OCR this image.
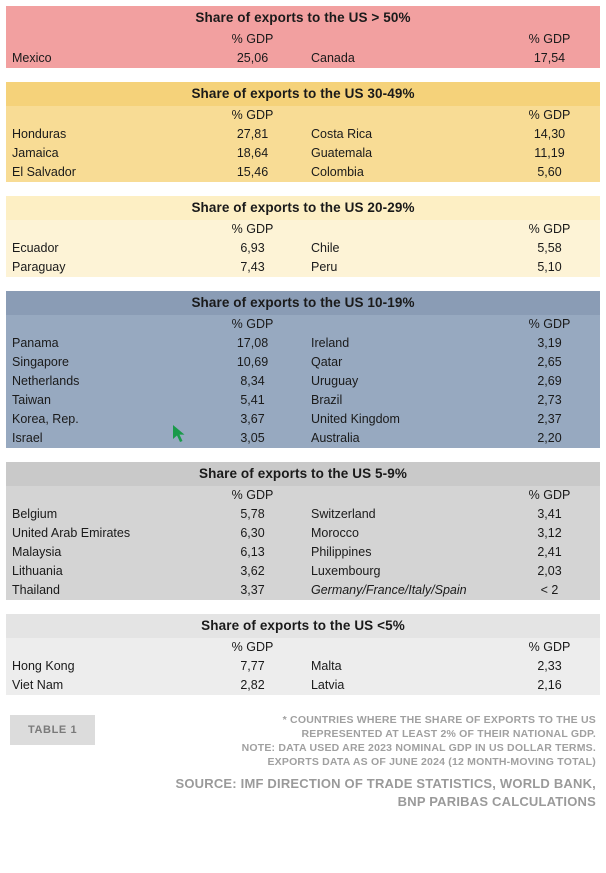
Share of exports to the US > 50%
% GDP	% GDP
Mexico	25,06	Canada	17,54
Share of exports to the US 30-49%
% GDP	% GDP
Honduras	27,81	Costa Rica	14,30
Jamaica	18,64	Guatemala	11,19
El Salvador	15,46	Colombia	5,60
Share of exports to the US 20-29%
% GDP	% GDP
Ecuador	6,93	Chile	5,58
Paraguay	7,43	Peru	5,10
Share of exports to the US 10-19%
% GDP	% GDP
Panama	17,08	Ireland	3,19
Singapore	10,69	Qatar	2,65
Netherlands	8,34	Uruguay	2,69
Taiwan	5,41	Brazil	2,73
Korea, Rep.	3,67	United Kingdom	2,37
Israel	3,05	Australia	2,20
Share of exports to the US 5-9%
% GDP	% GDP
Belgium	5,78	Switzerland	3,41
United Arab Emirates	6,30	Morocco	3,12
Malaysia	6,13	Philippines	2,41
Lithuania	3,62	Luxembourg	2,03
Thailand	3,37	Germany/France/Italy/Spain	< 2
Share of exports to the US <5%
% GDP	% GDP
Hong Kong	7,77	Malta	2,33
Viet Nam	2,82	Latvia	2,16
TABLE 1
* COUNTRIES WHERE THE SHARE OF EXPORTS TO THE US
REPRESENTED AT LEAST 2% OF THEIR NATIONAL GDP.
NOTE: DATA USED ARE 2023 NOMINAL GDP IN US DOLLAR TERMS.
EXPORTS DATA AS OF JUNE 2024 (12 MONTH-MOVING TOTAL)
SOURCE: IMF DIRECTION OF TRADE STATISTICS, WORLD BANK,
BNP PARIBAS CALCULATIONS
